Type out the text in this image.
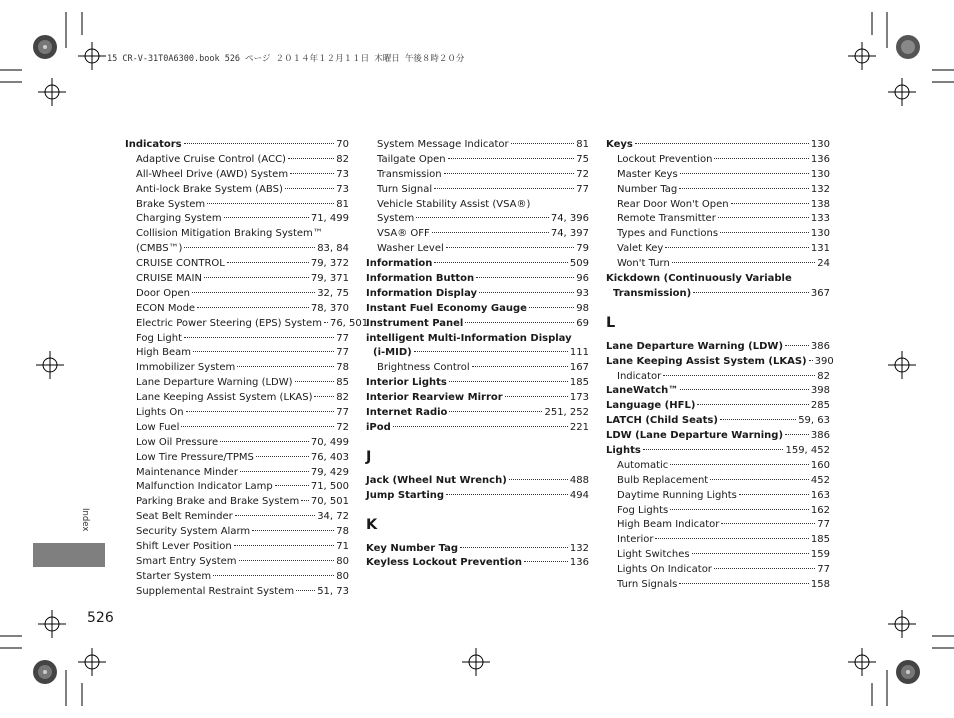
15 CR-V-31T0A6300.book 526 ページ ２０１４年１２月１１日 木曜日 午後８時２０分
Indicators	70
Adaptive Cruise Control (ACC)	82
All-Wheel Drive (AWD) System	73
Anti-lock Brake System (ABS)	73
Brake System	81
Charging System	71, 499
Collision Mitigation Braking System™
(CMBS™)	83, 84
CRUISE CONTROL	79, 372
CRUISE MAIN	79, 371
Door Open	32, 75
ECON Mode	78, 370
Electric Power Steering (EPS) System 76, 501
Fog Light	77
High Beam	77
Immobilizer System	78
Lane Departure Warning (LDW)	85
Lane Keeping Assist System (LKAS) 82
Lights On	77
Low Fuel	72
Low Oil Pressure	70, 499
Low Tire Pressure/TPMS	76, 403
Maintenance Minder	79, 429
Malfunction Indicator Lamp	71, 500
Parking Brake and Brake System 70, 501
Seat Belt Reminder	34, 72
Security System Alarm	78
Shift Lever Position	71
Smart Entry System	80
Starter System	80
Supplemental Restraint System 51, 73
System Message Indicator	81
Tailgate Open	75
Transmission	72
Turn Signal	77
Vehicle Stability Assist (VSA®)
System	74, 396
VSA® OFF	74, 397
Washer Level	79
Information	509
Information Button	96
Information Display	93
Instant Fuel Economy Gauge	98
Instrument Panel	69
intelligent Multi-Information Display
(i-MID)	111
Brightness Control	167
Interior Lights	185
Interior Rearview Mirror	173
Internet Radio	251, 252
iPod	221
J
Jack (Wheel Nut Wrench)	488
Jump Starting	494
K
Key Number Tag	132
Keyless Lockout Prevention	136
Keys	130
Lockout Prevention	136
Master Keys	130
Number Tag	132
Rear Door Won't Open	138
Remote Transmitter	133
Types and Functions	130
Valet Key	131
Won't Turn	24
Kickdown (Continuously Variable
Transmission)	367
L
Lane Departure Warning (LDW)	386
Lane Keeping Assist System (LKAS) 390
Indicator	82
LaneWatch™	398
Language (HFL)	285
LATCH (Child Seats)	59, 63
LDW (Lane Departure Warning)	386
Lights	159, 452
Automatic	160
Bulb Replacement	452
Daytime Running Lights	163
Fog Lights	162
High Beam Indicator	77
Interior	185
Light Switches	159
Lights On Indicator	77
Turn Signals	158
Index
526
